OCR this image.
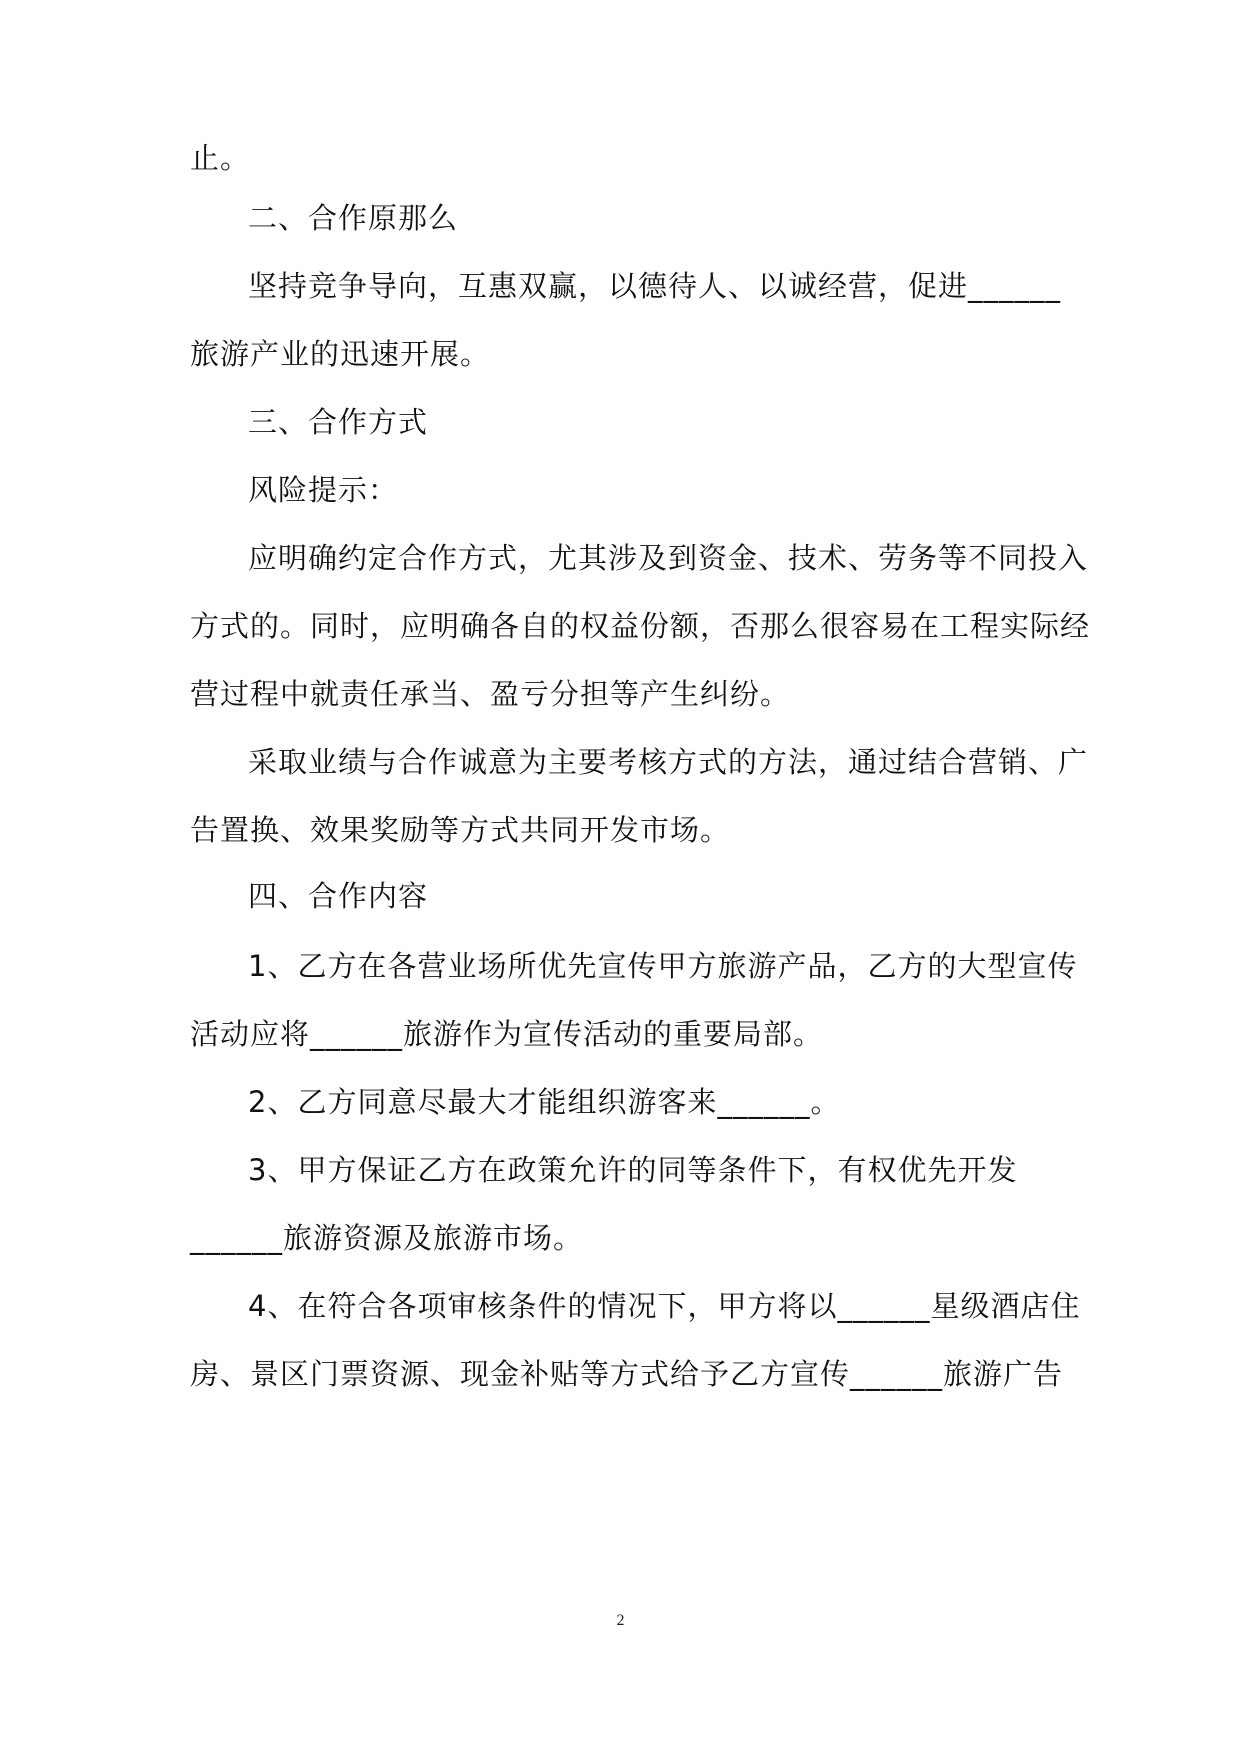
止。
二、合作原那么
坚持竞争导向，互惠双赢，以德待人、以诚经营，促进______
旅游产业的迅速开展。
三、合作方式
风险提示：
应明确约定合作方式，尤其涉及到资金、技术、劳务等不同投入
方式的。同时，应明确各自的权益份额，否那么很容易在工程实际经
营过程中就责任承当、盈亏分担等产生纠纷。
采取业绩与合作诚意为主要考核方式的方法，通过结合营销、广
告置换、效果奖励等方式共同开发市场。
四、合作内容
1、乙方在各营业场所优先宣传甲方旅游产品，乙方的大型宣传
活动应将______旅游作为宣传活动的重要局部。
2、乙方同意尽最大才能组织游客来______。
3、甲方保证乙方在政策允许的同等条件下，有权优先开发
______旅游资源及旅游市场。
4、在符合各项审核条件的情况下，甲方将以______星级酒店住
房、景区门票资源、现金补贴等方式给予乙方宣传______旅游广告
2
